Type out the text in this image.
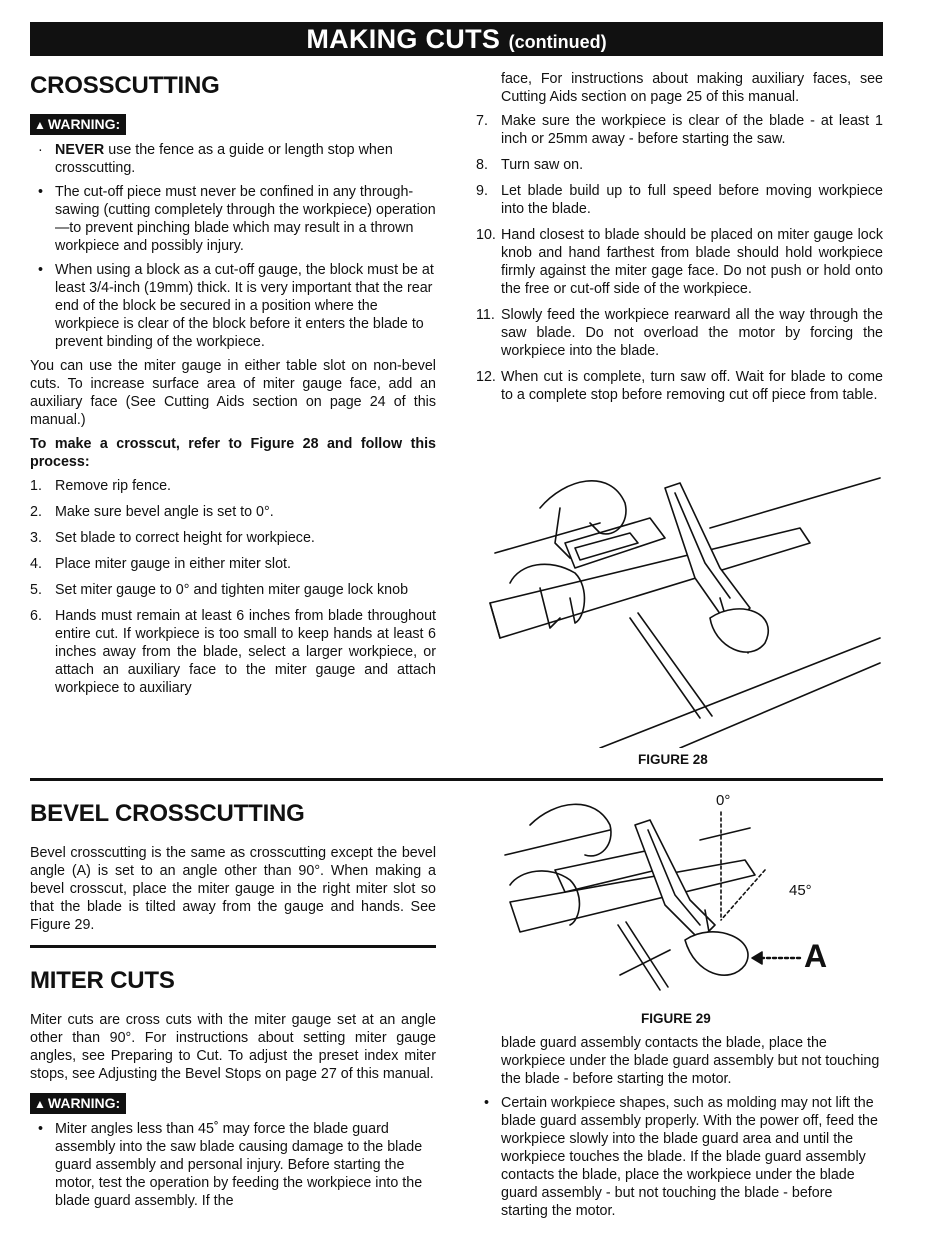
MAKING CUTS (continued)
CROSSCUTTING
▲ WARNING:
· NEVER use the fence as a guide or length stop when crosscutting.
• The cut-off piece must never be confined in any through-sawing (cutting completely through the workpiece) operation—to prevent pinching blade which may result in a thrown workpiece and possibly injury.
• When using a block as a cut-off gauge, the block must be at least 3/4-inch (19mm) thick. It is very important that the rear end of the block be secured in a position where the workpiece is clear of the block before it enters the blade to prevent binding of the workpiece.

You can use the miter gauge in either table slot on non-bevel cuts. To increase surface area of miter gauge face, add an auxiliary face (See Cutting Aids section on page 24 of this manual.)

To make a crosscut, refer to Figure 28 and follow this process:

1. Remove rip fence.
2. Make sure bevel angle is set to 0°.
3. Set blade to correct height for workpiece.
4. Place miter gauge in either miter slot.
5. Set miter gauge to 0° and tighten miter gauge lock knob
6. Hands must remain at least 6 inches from blade throughout entire cut. If workpiece is too small to keep hands at least 6 inches away from the blade, select a larger workpiece, or attach an auxiliary face to the miter gauge and attach workpiece to auxiliary

face, For instructions about making auxiliary faces, see Cutting Aids section on page 25 of this manual.

7. Make sure the workpiece is clear of the blade - at least 1 inch or 25mm away - before starting the saw.
8. Turn saw on.
9. Let blade build up to full speed before moving workpiece into the blade.
10. Hand closest to blade should be placed on miter gauge lock knob and hand farthest from blade should hold workpiece firmly against the miter gage face. Do not push or hold onto the free or cut-off side of the workpiece.
11. Slowly feed the workpiece rearward all the way through the saw blade. Do not overload the motor by forcing the workpiece into the blade.
12. When cut is complete, turn saw off. Wait for blade to come to a complete stop before removing cut off piece from table.
FIGURE 28
BEVEL CROSSCUTTING

Bevel crosscutting is the same as crosscutting except the bevel angle (A) is set to an angle other than 90°. When making a bevel crosscut, place the miter gauge in the right miter slot so that the blade is tilted away from the gauge and hands. See Figure 29.

MITER CUTS

Miter cuts are cross cuts with the miter gauge set at an angle other than 90°. For instructions about setting miter gauge angles, see Preparing to Cut. To adjust the preset index miter stops, see Adjusting the Bevel Stops on page 27 of this manual.

▲ WARNING:
• Miter angles less than 45˚ may force the blade guard assembly into the saw blade causing damage to the blade guard assembly and personal injury. Before starting the motor, test the operation by feeding the workpiece into the blade guard assembly. If the
0°
45°
A
FIGURE 29

blade guard assembly contacts the blade, place the workpiece under the blade guard assembly but not touching the blade - before starting the motor.

• Certain workpiece shapes, such as molding may not lift the blade guard assembly properly. With the power off, feed the workpiece slowly into the blade guard area and until the workpiece touches the blade. If the blade guard assembly contacts the blade, place the workpiece under the blade guard assembly - but not touching the blade - before starting the motor.
